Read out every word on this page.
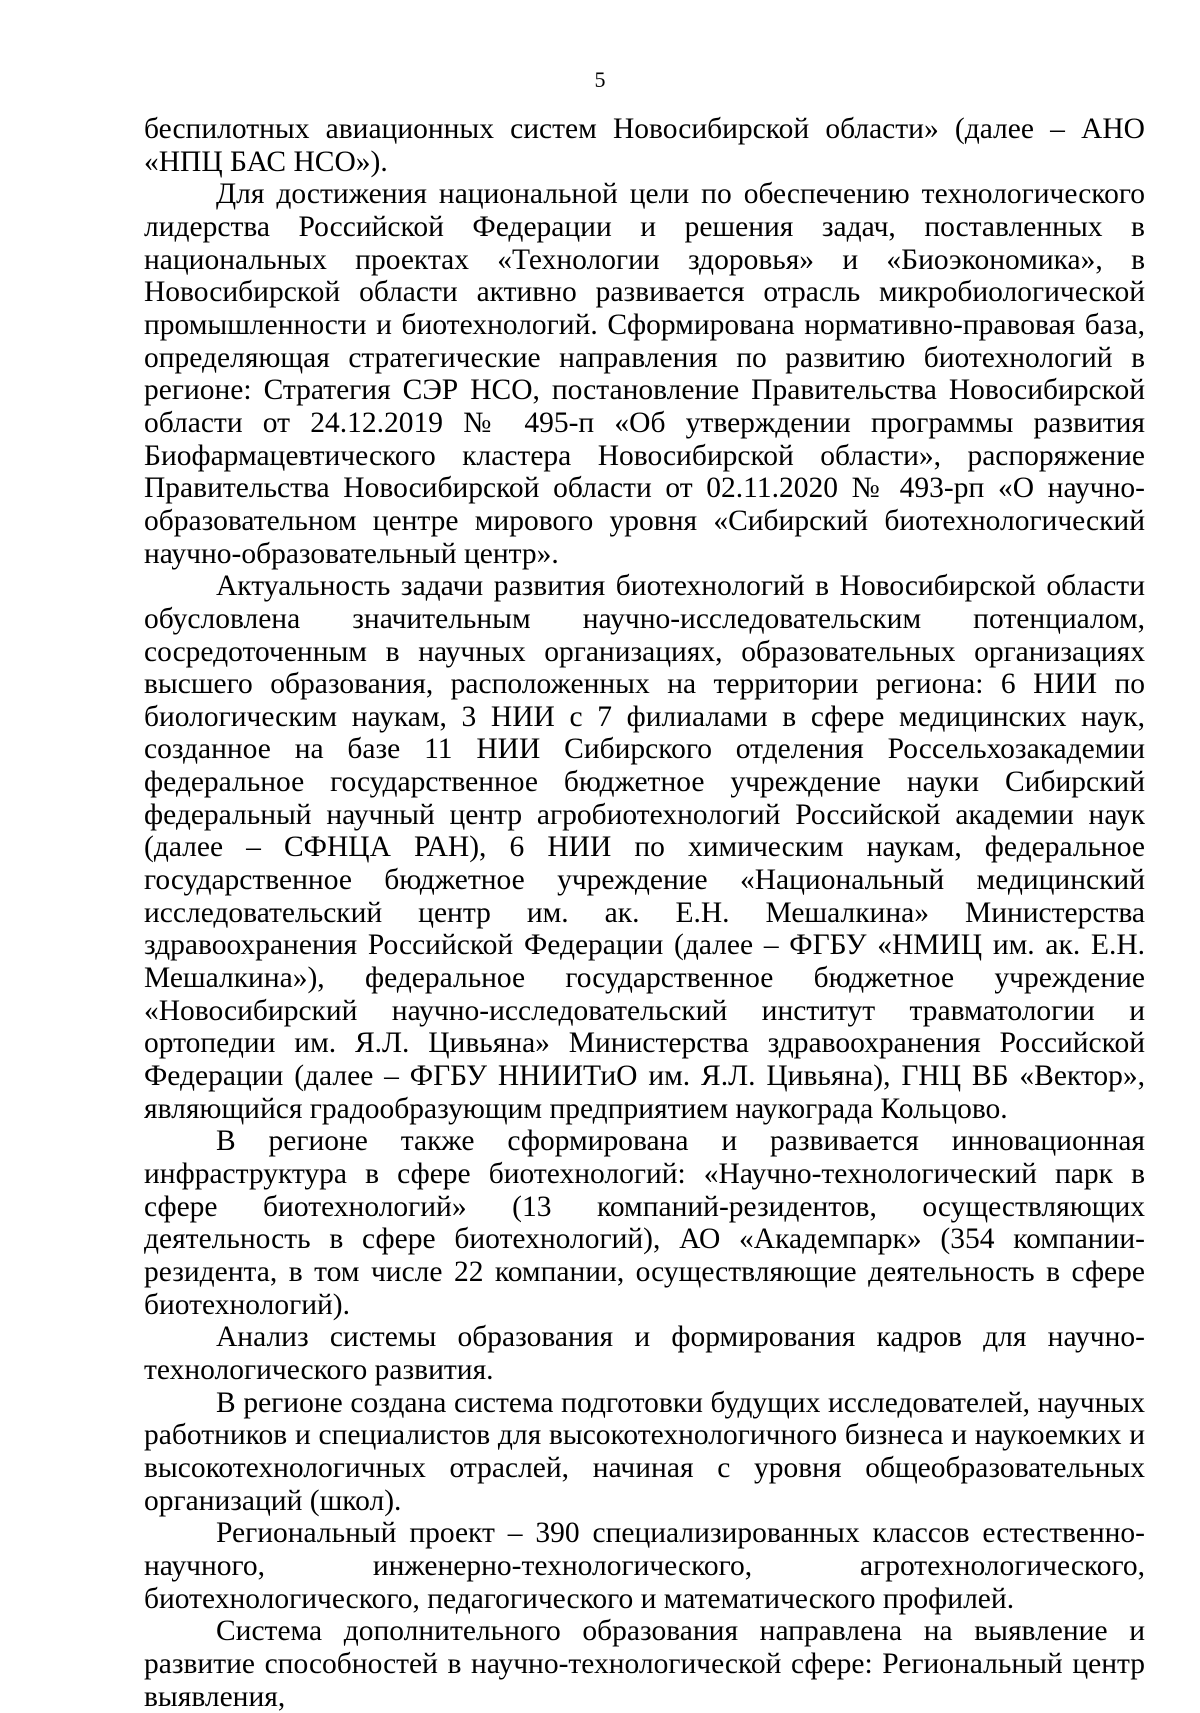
5

беспилотных авиационных систем Новосибирской области» (далее – АНО «НПЦ БАС НСО»).

Для достижения национальной цели по обеспечению технологического лидерства Российской Федерации и решения задач, поставленных в национальных проектах «Технологии здоровья» и «Биоэкономика», в Новосибирской области активно развивается отрасль микробиологической промышленности и биотехнологий. Сформирована нормативно-правовая база, определяющая стратегические направления по развитию биотехнологий в регионе: Стратегия СЭР НСО, постановление Правительства Новосибирской области от 24.12.2019 № 495-п «Об утверждении программы развития Биофармацевтического кластера Новосибирской области», распоряжение Правительства Новосибирской области от 02.11.2020 № 493-рп «О научно-образовательном центре мирового уровня «Сибирский биотехнологический научно-образовательный центр».

Актуальность задачи развития биотехнологий в Новосибирской области обусловлена значительным научно-исследовательским потенциалом, сосредоточенным в научных организациях, образовательных организациях высшего образования, расположенных на территории региона: 6 НИИ по биологическим наукам, 3 НИИ с 7 филиалами в сфере медицинских наук, созданное на базе 11 НИИ Сибирского отделения Россельхозакадемии федеральное государственное бюджетное учреждение науки Сибирский федеральный научный центр агробиотехнологий Российской академии наук (далее – СФНЦА РАН), 6 НИИ по химическим наукам, федеральное государственное бюджетное учреждение «Национальный медицинский исследовательский центр им. ак. Е.Н. Мешалкина» Министерства здравоохранения Российской Федерации (далее – ФГБУ «НМИЦ им. ак. Е.Н. Мешалкина»), федеральное государственное бюджетное учреждение «Новосибирский научно-исследовательский институт травматологии и ортопедии им. Я.Л. Цивьяна» Министерства здравоохранения Российской Федерации (далее – ФГБУ ННИИТиО им. Я.Л. Цивьяна), ГНЦ ВБ «Вектор», являющийся градообразующим предприятием наукограда Кольцово.

В регионе также сформирована и развивается инновационная инфраструктура в сфере биотехнологий: «Научно-технологический парк в сфере биотехнологий» (13 компаний-резидентов, осуществляющих деятельность в сфере биотехнологий), АО «Академпарк» (354 компании-резидента, в том числе 22 компании, осуществляющие деятельность в сфере биотехнологий).

Анализ системы образования и формирования кадров для научно-технологического развития.

В регионе создана система подготовки будущих исследователей, научных работников и специалистов для высокотехнологичного бизнеса и наукоемких и высокотехнологичных отраслей, начиная с уровня общеобразовательных организаций (школ).

Региональный проект – 390 специализированных классов естественно-научного, инженерно-технологического, агротехнологического, биотехнологического, педагогического и математического профилей.

Система дополнительного образования направлена на выявление и развитие способностей в научно-технологической сфере: Региональный центр выявления,
